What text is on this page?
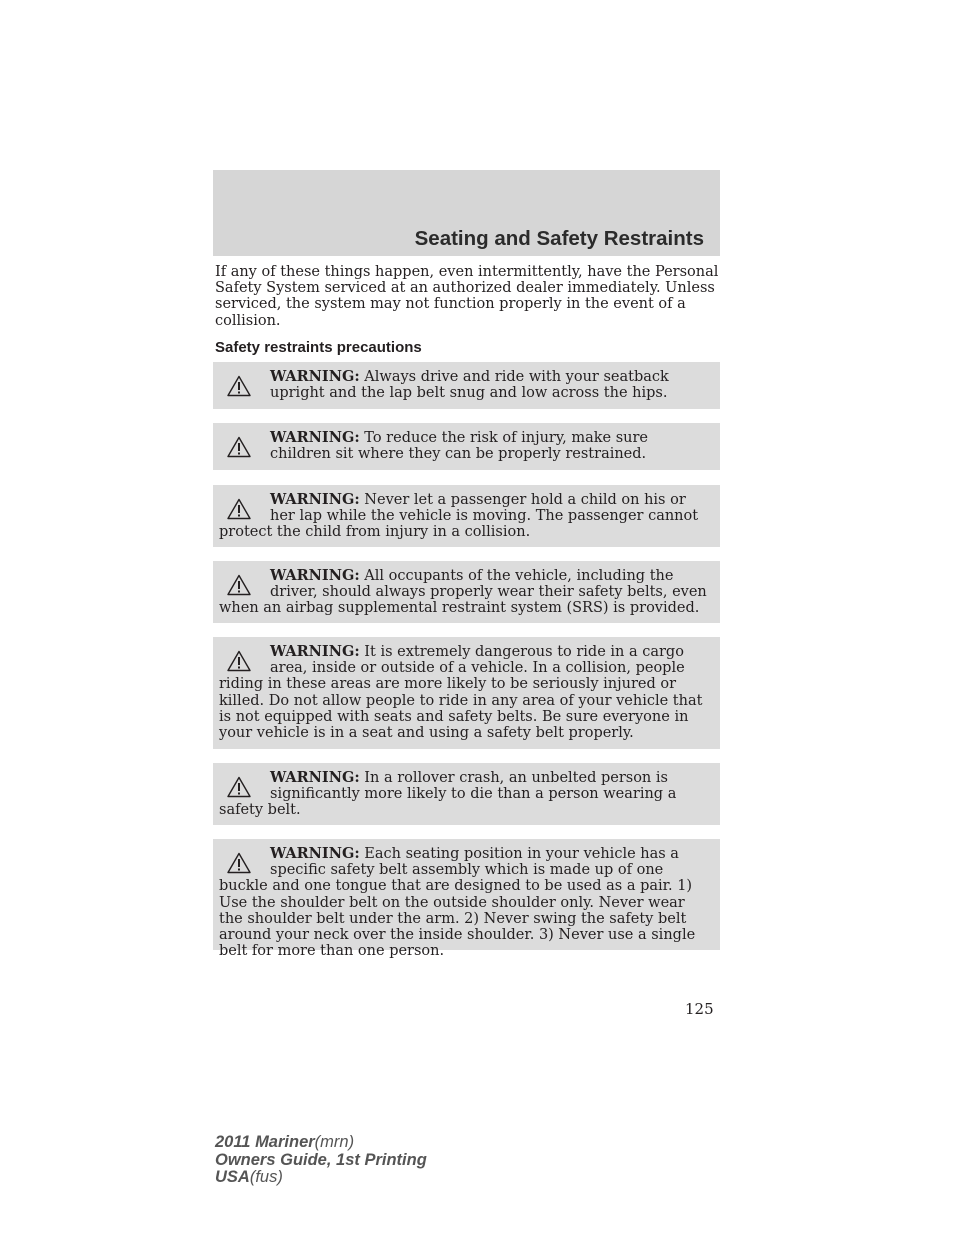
Seating and Safety Restraints

If any of these things happen, even intermittently, have the Personal Safety System serviced at an authorized dealer immediately. Unless serviced, the system may not function properly in the event of a collision.

Safety restraints precautions

WARNING: Always drive and ride with your seatback upright and the lap belt snug and low across the hips.

WARNING: To reduce the risk of injury, make sure children sit where they can be properly restrained.

WARNING: Never let a passenger hold a child on his or her lap while the vehicle is moving. The passenger cannot protect the child from injury in a collision.

WARNING: All occupants of the vehicle, including the driver, should always properly wear their safety belts, even when an airbag supplemental restraint system (SRS) is provided.

WARNING: It is extremely dangerous to ride in a cargo area, inside or outside of a vehicle. In a collision, people riding in these areas are more likely to be seriously injured or killed. Do not allow people to ride in any area of your vehicle that is not equipped with seats and safety belts. Be sure everyone in your vehicle is in a seat and using a safety belt properly.

WARNING: In a rollover crash, an unbelted person is significantly more likely to die than a person wearing a safety belt.

WARNING: Each seating position in your vehicle has a specific safety belt assembly which is made up of one buckle and one tongue that are designed to be used as a pair. 1) Use the shoulder belt on the outside shoulder only. Never wear the shoulder belt under the arm. 2) Never swing the safety belt around your neck over the inside shoulder. 3) Never use a single belt for more than one person.

125

2011 Mariner(mrn)
Owners Guide, 1st Printing
USA(fus)
